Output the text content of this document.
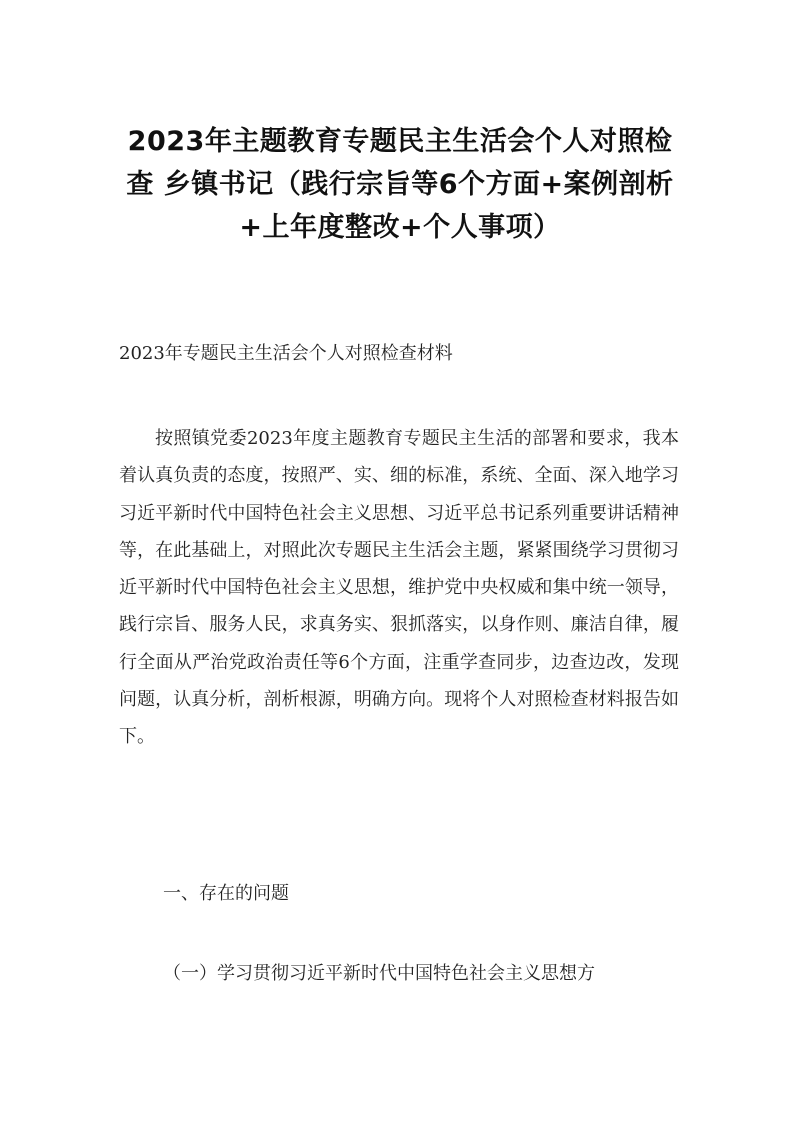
2023年主题教育专题民主生活会个人对照检查 乡镇书记（践行宗旨等6个方面+案例剖析+上年度整改+个人事项）
2023年专题民主生活会个人对照检查材料

按照镇党委2023年度主题教育专题民主生活的部署和要求，我本着认真负责的态度，按照严、实、细的标准，系统、全面、深入地学习习近平新时代中国特色社会主义思想、习近平总书记系列重要讲话精神等，在此基础上，对照此次专题民主生活会主题，紧紧围绕学习贯彻习近平新时代中国特色社会主义思想，维护党中央权威和集中统一领导，践行宗旨、服务人民，求真务实、狠抓落实，以身作则、廉洁自律，履行全面从严治党政治责任等6个方面，注重学查同步，边查边改，发现问题，认真分析，剖析根源，明确方向。现将个人对照检查材料报告如下。

一、存在的问题
（一）学习贯彻习近平新时代中国特色社会主义思想方
